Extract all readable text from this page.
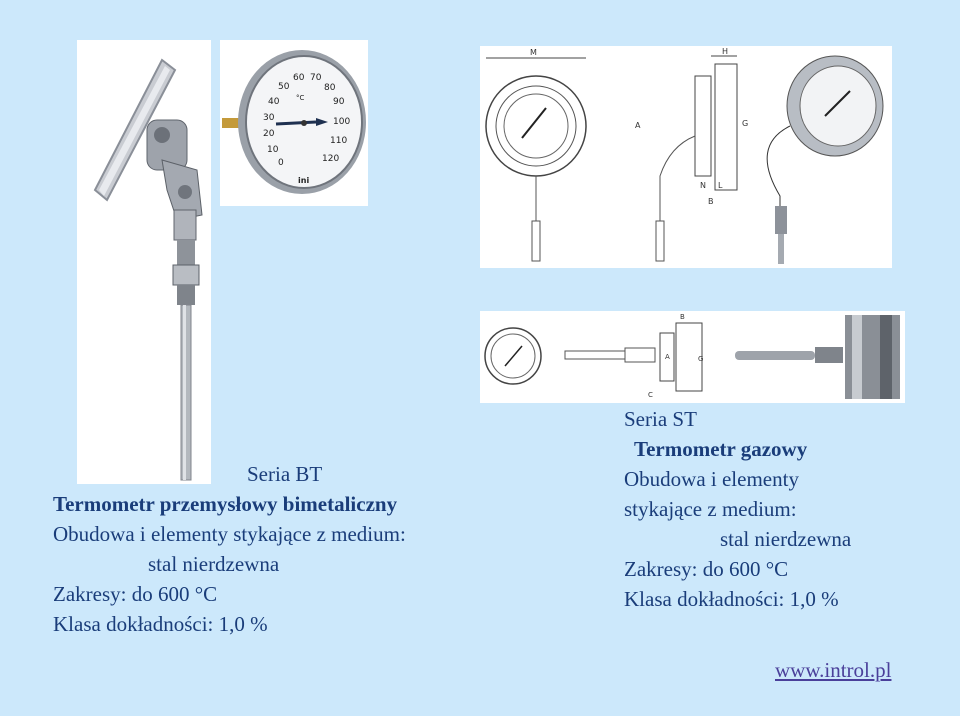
0
10
20
30
40
50
60 70
80
90
100
110
120
°C
ini
M	H
A	G
N L
B
B
A	G
C
Seria BT
Termometr przemysłowy bimetaliczny
Obudowa i elementy stykające z medium:
stal nierdzewna
Zakresy: do 600 °C
Klasa dokładności: 1,0 %
Seria ST
Termometr gazowy
Obudowa i elementy
stykające z medium:
stal nierdzewna
Zakresy: do 600 °C
Klasa dokładności: 1,0 %
www.introl.pl
